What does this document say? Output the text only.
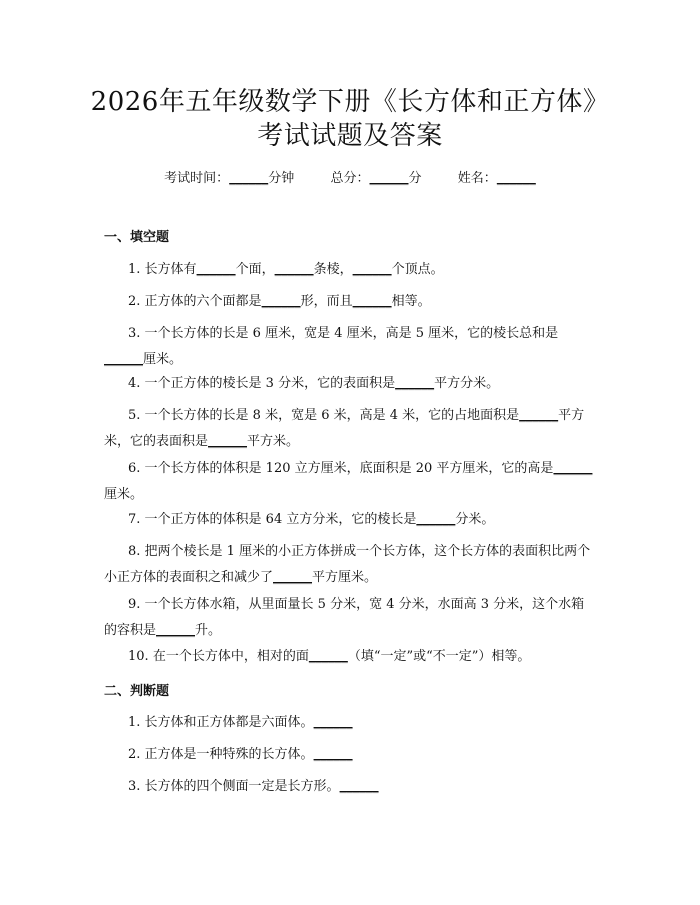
2026年五年级数学下册《长方体和正方体》
考试试题及答案
考试时间：______分钟	总分：______分	姓名：______
一、填空题
1. 长方体有______个面，______条棱，______个顶点。
2. 正方体的六个面都是______形，而且______相等。
3. 一个长方体的长是 6 厘米，宽是 4 厘米，高是 5 厘米，它的棱长总和是______厘米。
4. 一个正方体的棱长是 3 分米，它的表面积是______平方分米。
5. 一个长方体的长是 8 米，宽是 6 米，高是 4 米，它的占地面积是______平方米，它的表面积是______平方米。
6. 一个长方体的体积是 120 立方厘米，底面积是 20 平方厘米，它的高是______厘米。
7. 一个正方体的体积是 64 立方分米，它的棱长是______分米。
8. 把两个棱长是 1 厘米的小正方体拼成一个长方体，这个长方体的表面积比两个小正方体的表面积之和减少了______平方厘米。
9. 一个长方体水箱，从里面量长 5 分米，宽 4 分米，水面高 3 分米，这个水箱的容积是______升。
10. 在一个长方体中，相对的面______（填“一定”或“不一定”）相等。
二、判断题
1. 长方体和正方体都是六面体。______
2. 正方体是一种特殊的长方体。______
3. 长方体的四个侧面一定是长方形。______
